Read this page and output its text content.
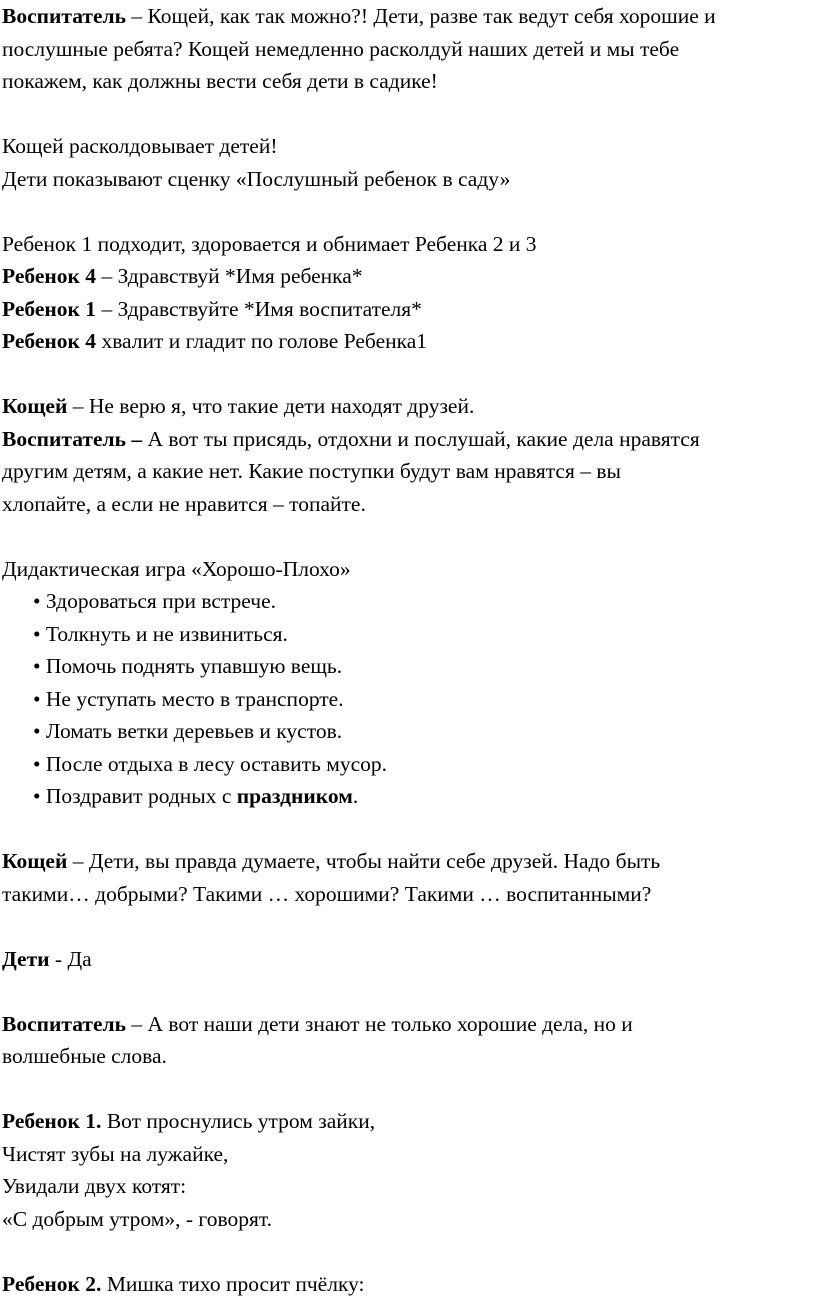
Воспитатель – Кощей, как так можно?! Дети, разве так ведут себя хорошие и
послушные ребята? Кощей немедленно расколдуй наших детей и мы тебе
покажем, как должны вести себя дети в садике!
Кощей расколдовывает детей!
Дети показывают сценку «Послушный ребенок в саду»
Ребенок 1 подходит, здоровается и обнимает Ребенка 2 и 3
Ребенок 4 – Здравствуй *Имя ребенка*
Ребенок 1 – Здравствуйте *Имя воспитателя*
Ребенок 4 хвалит и гладит по голове Ребенка1
Кощей – Не верю я, что такие дети находят друзей.
Воспитатель – А вот ты присядь, отдохни и послушай, какие дела нравятся
другим детям, а какие нет. Какие поступки будут вам нравятся – вы
хлопайте, а если не нравится – топайте.
Дидактическая игра «Хорошо-Плохо»
• Здороваться при встрече.
• Толкнуть и не извиниться.
• Помочь поднять упавшую вещь.
• Не уступать место в транспорте.
• Ломать ветки деревьев и кустов.
• После отдыха в лесу оставить мусор.
• Поздравит родных с праздником.
Кощей – Дети, вы правда думаете, чтобы найти себе друзей. Надо быть
такими… добрыми? Такими … хорошими? Такими … воспитанными?
Дети - Да
Воспитатель – А вот наши дети знают не только хорошие дела, но и
волшебные слова.
Ребенок 1. Вот проснулись утром зайки,
Чистят зубы на лужайке,
Увидали двух котят:
«С добрым утром», - говорят.
Ребенок 2. Мишка тихо просит пчёлку:
